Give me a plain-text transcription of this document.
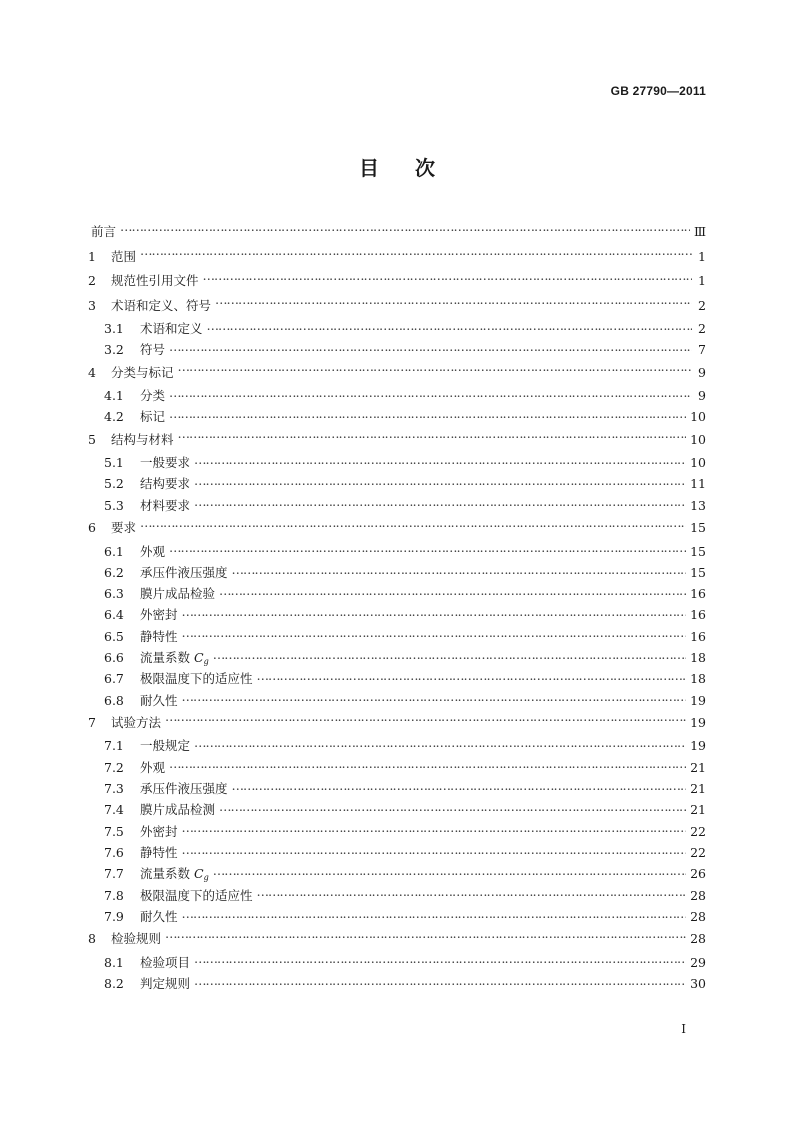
GB 27790—2011
目次
前言 …………………………………………………………………………………………………………………………………………………………………………………………………………	Ⅲ
1	范围 …………………………………………………………………………………………………………………………………………………………………………………………………………	1
2	规范性引用文件 …………………………………………………………………………………………………………………………………………………………………………………………………………	1
3	术语和定义、符号 …………………………………………………………………………………………………………………………………………………………………………………………………………	2
3.1	术语和定义 …………………………………………………………………………………………………………………………………………………………………………………………………………	2
3.2	符号 …………………………………………………………………………………………………………………………………………………………………………………………………………	7
4	分类与标记 …………………………………………………………………………………………………………………………………………………………………………………………………………	9
4.1	分类 …………………………………………………………………………………………………………………………………………………………………………………………………………	9
4.2	标记 …………………………………………………………………………………………………………………………………………………………………………………………………………	10
5	结构与材料 …………………………………………………………………………………………………………………………………………………………………………………………………………	10
5.1	一般要求 …………………………………………………………………………………………………………………………………………………………………………………………………………	10
5.2	结构要求 …………………………………………………………………………………………………………………………………………………………………………………………………………	11
5.3	材料要求 …………………………………………………………………………………………………………………………………………………………………………………………………………	13
6	要求 …………………………………………………………………………………………………………………………………………………………………………………………………………	15
6.1	外观 …………………………………………………………………………………………………………………………………………………………………………………………………………	15
6.2	承压件液压强度 …………………………………………………………………………………………………………………………………………………………………………………………………………	15
6.3	膜片成品检验 …………………………………………………………………………………………………………………………………………………………………………………………………………	16
6.4	外密封 …………………………………………………………………………………………………………………………………………………………………………………………………………	16
6.5	静特性 …………………………………………………………………………………………………………………………………………………………………………………………………………	16
6.6	流量系数 $C_g$ …………………………………………………………………………………………………………………………………………………………………………………………………………	18
6.7	极限温度下的适应性 …………………………………………………………………………………………………………………………………………………………………………………………………………	18
6.8	耐久性 …………………………………………………………………………………………………………………………………………………………………………………………………………	19
7	试验方法 …………………………………………………………………………………………………………………………………………………………………………………………………………	19
7.1	一般规定 …………………………………………………………………………………………………………………………………………………………………………………………………………	19
7.2	外观 …………………………………………………………………………………………………………………………………………………………………………………………………………	21
7.3	承压件液压强度 …………………………………………………………………………………………………………………………………………………………………………………………………………	21
7.4	膜片成品检测 …………………………………………………………………………………………………………………………………………………………………………………………………………	21
7.5	外密封 …………………………………………………………………………………………………………………………………………………………………………………………………………	22
7.6	静特性 …………………………………………………………………………………………………………………………………………………………………………………………………………	22
7.7	流量系数 $C_g$ …………………………………………………………………………………………………………………………………………………………………………………………………………	26
7.8	极限温度下的适应性 …………………………………………………………………………………………………………………………………………………………………………………………………………	28
7.9	耐久性 …………………………………………………………………………………………………………………………………………………………………………………………………………	28
8	检验规则 …………………………………………………………………………………………………………………………………………………………………………………………………………	28
8.1	检验项目 …………………………………………………………………………………………………………………………………………………………………………………………………………	29
8.2	判定规则 …………………………………………………………………………………………………………………………………………………………………………………………………………	30
I
